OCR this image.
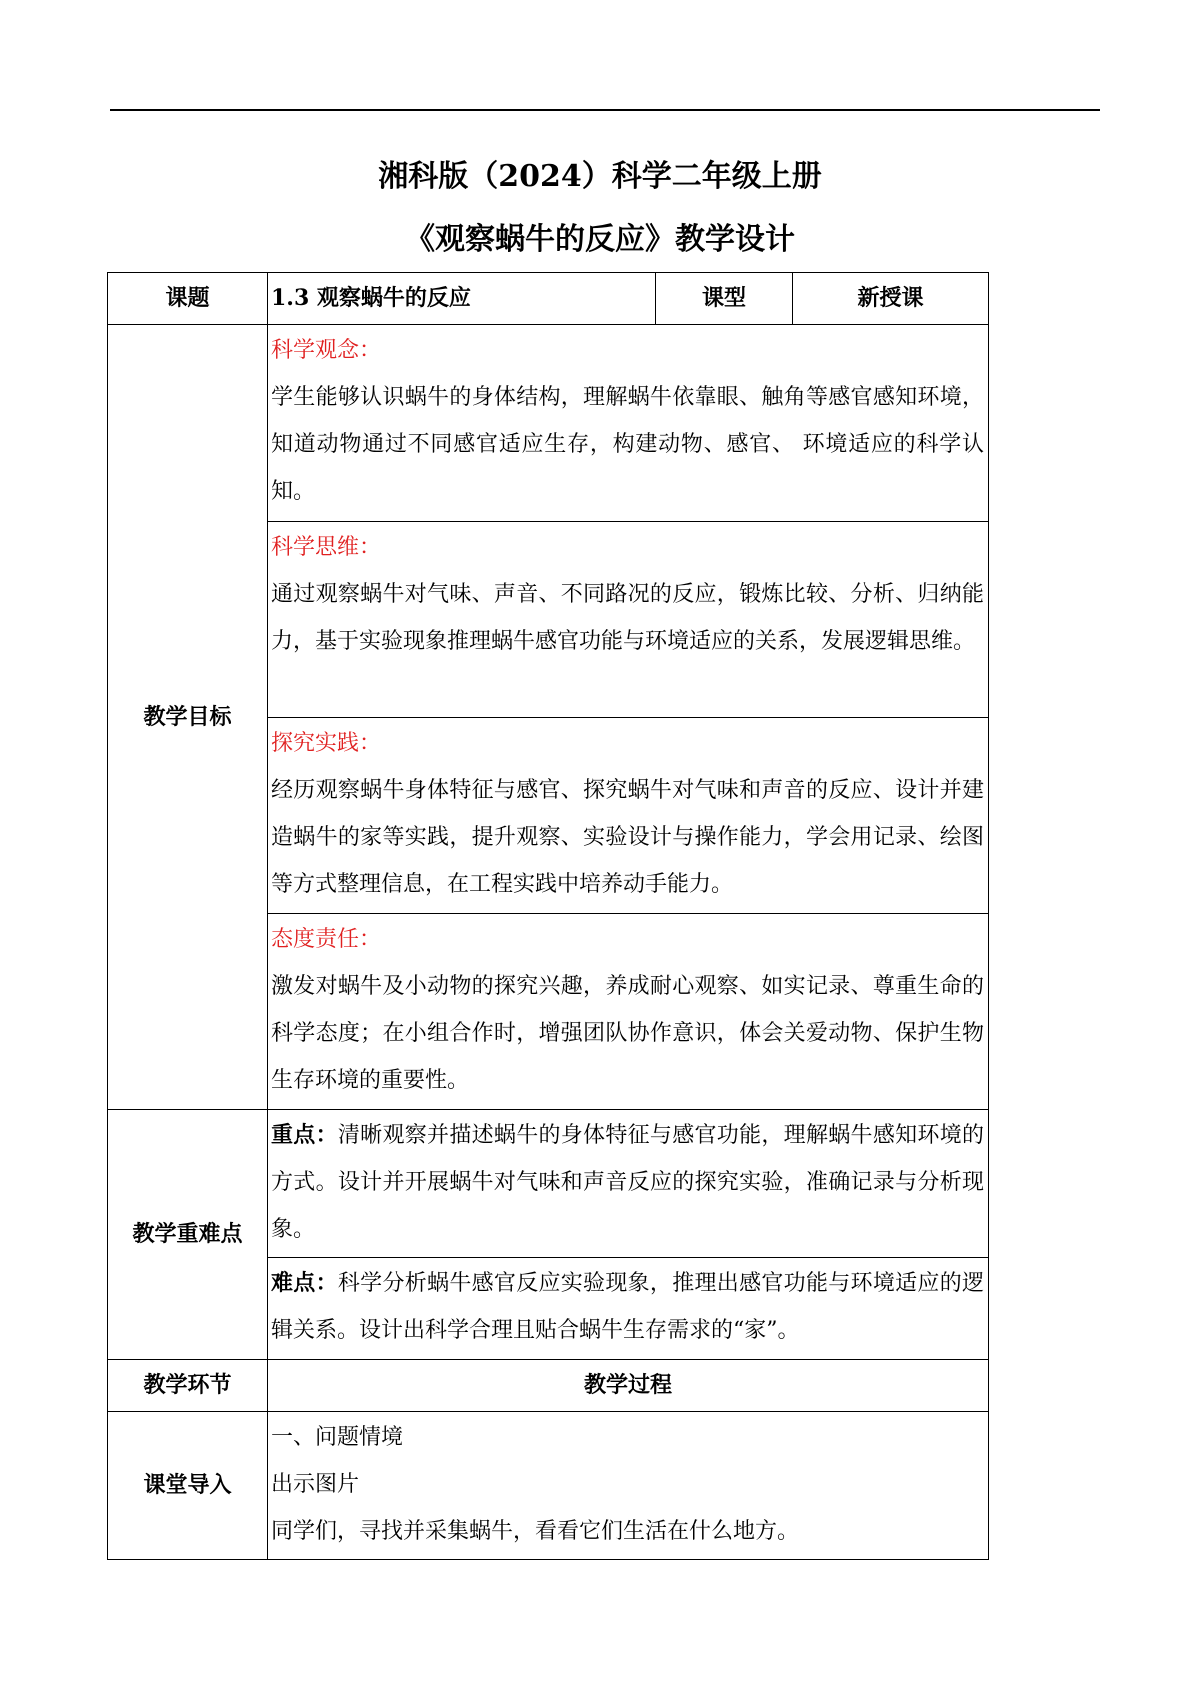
湘科版（2024）科学二年级上册
《观察蜗牛的反应》教学设计
课题	1.3 观察蜗牛的反应	课型	新授课
教学目标	科学观念：
学生能够认识蜗牛的身体结构，理解蜗牛依靠眼、触角等感官感知环境，知道动物通过不同感官适应生存，构建动物、感官、 环境适应的科学认知。		

	科学思维：
通过观察蜗牛对气味、声音、不同路况的反应，锻炼比较、分析、归纳能力，基于实验现象推理蜗牛感官功能与环境适应的关系，发展逻辑思维。		

	探究实践：
经历观察蜗牛身体特征与感官、探究蜗牛对气味和声音的反应、设计并建造蜗牛的家等实践，提升观察、实验设计与操作能力，学会用记录、绘图等方式整理信息，在工程实践中培养动手能力。		

	态度责任：
激发对蜗牛及小动物的探究兴趣，养成耐心观察、如实记录、尊重生命的科学态度；在小组合作时，增强团队协作意识，体会关爱动物、保护生物生存环境的重要性。		

教学重难点	重点：清晰观察并描述蜗牛的身体特征与感官功能，理解蜗牛感知环境的方式。设计并开展蜗牛对气味和声音反应的探究实验，准确记录与分析现象。		

	难点：科学分析蜗牛感官反应实验现象，推理出感官功能与环境适应的逻辑关系。设计出科学合理且贴合蜗牛生存需求的“家”。		

教学环节	教学过程		
课堂导入	一、问题情境
出示图片
同学们，寻找并采集蜗牛，看看它们生活在什么地方。		
